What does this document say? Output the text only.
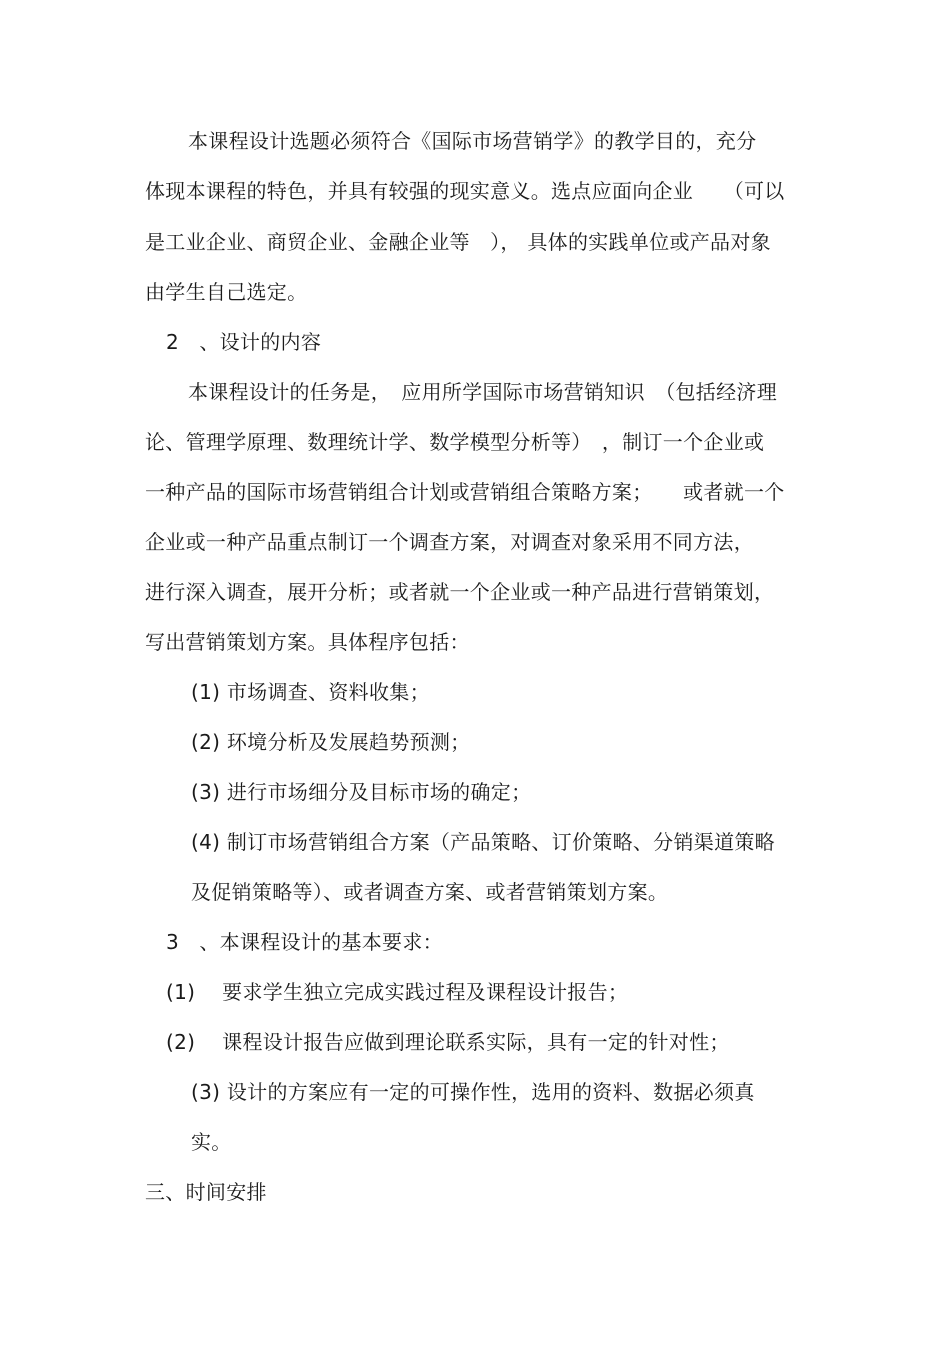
本课程设计选题必须符合《国际市场营销学》的教学目的，充分
体现本课程的特色，并具有较强的现实意义。选点应面向企业　　（可以
是工业企业、商贸企业、金融企业等　）， 具体的实践单位或产品对象
由学生自己选定。
2　、设计的内容
本课程设计的任务是，　应用所学国际市场营销知识　（包括经济理
论、管理学原理、数理统计学、数学模型分析等）　，制订一个企业或
一种产品的国际市场营销组合计划或营销组合策略方案；　　或者就一个
企业或一种产品重点制订一个调查方案，对调查对象采用不同方法，
进行深入调查，展开分析；或者就一个企业或一种产品进行营销策划，
写出营销策划方案。具体程序包括：
(1) 市场调查、资料收集；
(2) 环境分析及发展趋势预测；
(3) 进行市场细分及目标市场的确定；
(4) 制订市场营销组合方案（产品策略、订价策略、分销渠道策略
及促销策略等）、或者调查方案、或者营销策划方案。
3　、本课程设计的基本要求：
(1)　 要求学生独立完成实践过程及课程设计报告；
(2)　 课程设计报告应做到理论联系实际，具有一定的针对性；
(3) 设计的方案应有一定的可操作性，选用的资料、数据必须真
实。
三、时间安排
